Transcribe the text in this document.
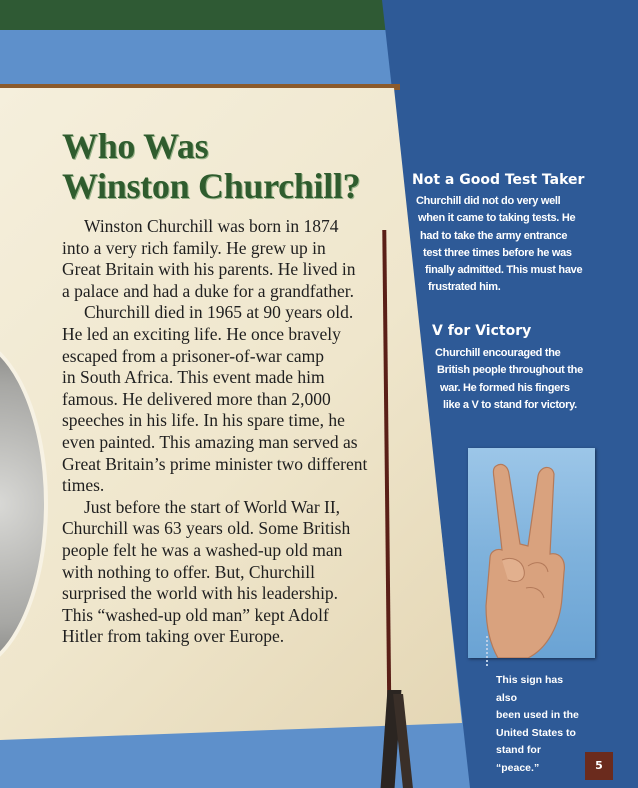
Who Was
Winston Churchill?

Winston Churchill was born in 1874
into a very rich family. He grew up in
Great Britain with his parents. He lived in
a palace and had a duke for a grandfather.

Churchill died in 1965 at 90 years old.
He led an exciting life. He once bravely
escaped from a prisoner-of-war camp
in South Africa. This event made him
famous. He delivered more than 2,000
speeches in his life. In his spare time, he
even painted. This amazing man served as
Great Britain’s prime minister two different
times.

Just before the start of World War II,
Churchill was 63 years old. Some British
people felt he was a washed-up old man
with nothing to offer. But, Churchill
surprised the world with his leadership.
This “washed-up old man” kept Adolf
Hitler from taking over Europe.

Not a Good Test Taker
Churchill did not do very well
when it came to taking tests. He
had to take the army entrance
test three times before he was
finally admitted. This must have
frustrated him.
V for Victory
Churchill encouraged the
British people throughout the
war. He formed his fingers
like a V to stand for victory.
This sign has also
been used in the
United States to
stand for “peace.”	5
